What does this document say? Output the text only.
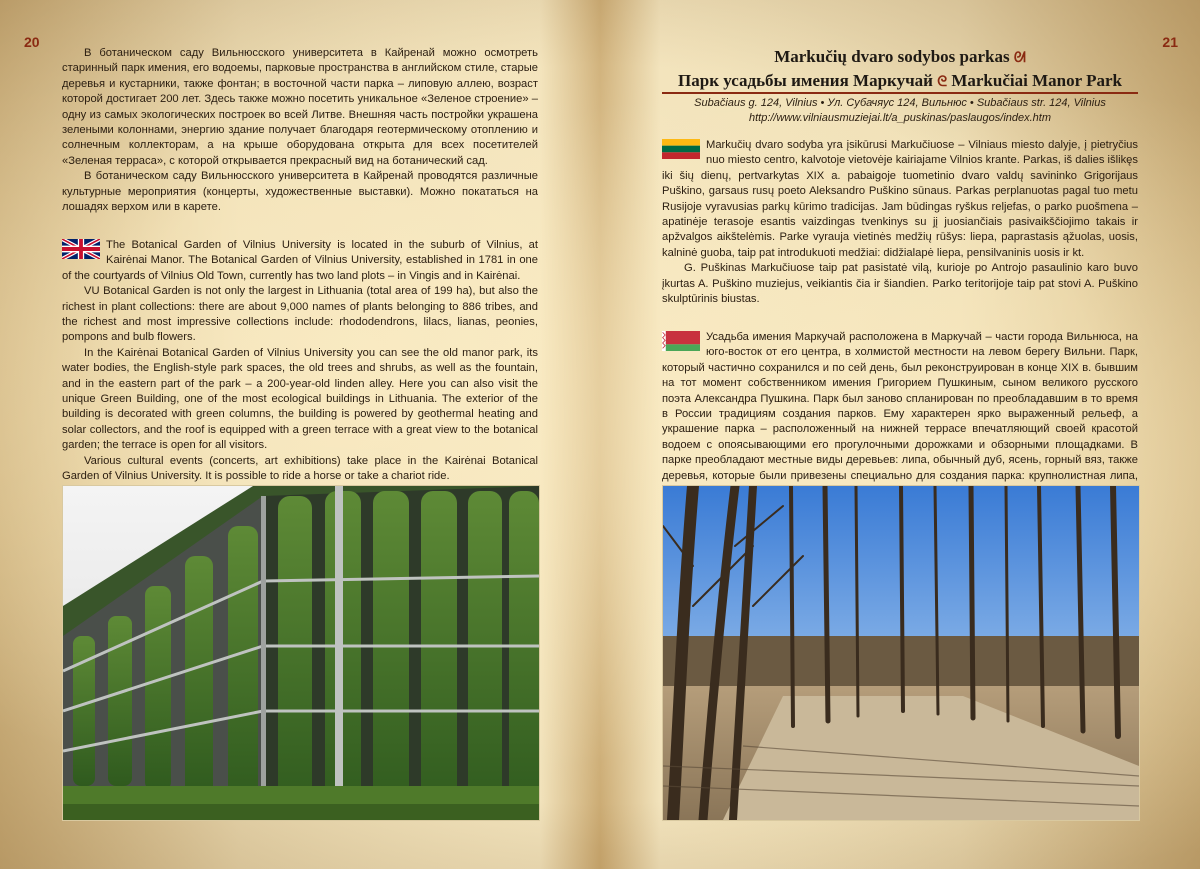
20	21

В ботаническом саду Вильнюсского университета в Кайренай можно осмотреть старинный парк имения, его водоемы, парковые пространства в английском стиле, старые деревья и кустарники, также фонтан; в восточной части парка – липовую аллею, возраст которой достигает 200 лет. Здесь также можно посетить уникальное «Зеленое строение» – одну из самых экологических построек во всей Литве. Внешняя часть постройки украшена зелеными колоннами, энергию здание получает благодаря геотермическому отоплению и солнечным коллекторам, а на крыше оборудована открыта для всех посетителей «Зеленая терраса», с которой открывается прекрасный вид на ботанический сад.

В ботаническом саду Вильнюсского университета в Кайренай проводятся различные культурные мероприятия (концерты, художественные выставки). Можно покататься на лошадях верхом или в карете.

The Botanical Garden of Vilnius University is located in the suburb of Vilnius, at Kairėnai Manor. The Botanical Garden of Vilnius University, established in 1781 in one of the courtyards of Vilnius Old Town, currently has two land plots – in Vingis and in Kairėnai.

VU Botanical Garden is not only the largest in Lithuania (total area of 199 ha), but also the richest in plant collections: there are about 9,000 names of plants belonging to 886 tribes, and the richest and most impressive collections include: rhododendrons, lilacs, lianas, peonies, pompons and bulb flowers.

In the Kairėnai Botanical Garden of Vilnius University you can see the old manor park, its water bodies, the English-style park spaces, the old trees and shrubs, as well as the fountain, and in the eastern part of the park – a 200-year-old linden alley. Here you can also visit the unique Green Building, one of the most ecological buildings in Lithuania. The exterior of the building is decorated with green columns, the building is powered by geothermal heating and solar collectors, and the roof is equipped with a green terrace with a great view to the botanical garden; the terrace is open for all visitors.

Various cultural events (concerts, art exhibitions) take place in the Kairėnai Botanical Garden of Vilnius University. It is possible to ride a horse or take a chariot ride.

Markučių dvaro sodybos parkas ᘛ
Парк усадьбы имения Маркучай ᘓ Markučiai Manor Park
Subačiaus g. 124, Vilnius • Ул. Субачяус 124, Вильнюс • Subačiaus str. 124, Vilnius
http://www.vilniausmuziejai.lt/a_puskinas/paslaugos/index.htm

Markučių dvaro sodyba yra įsikūrusi Markučiuose – Vilniaus miesto dalyje, į pietryčius nuo miesto centro, kalvotoje vietovėje kairiajame Vilnios krante. Parkas, iš dalies išlikęs iki šių dienų, pertvarkytas XIX a. pabaigoje tuometinio dvaro valdų savininko Grigorijaus Puškino, garsaus rusų poeto Aleksandro Puškino sūnaus. Parkas perplanuotas pagal tuo metu Rusijoje vyravusias parkų kūrimo tradicijas. Jam būdingas ryškus reljefas, o parko puošmena – apatinėje terasoje esantis vaizdingas tvenkinys su jį juosiančiais pasivaikščiojimo takais ir apžvalgos aikštelėmis. Parke vyrauja vietinės medžių rūšys: liepa, paprastasis ąžuolas, uosis, kalninė guoba, taip pat introdukuoti medžiai: didžialapė liepa, pensilvaninis uosis ir kt.

G. Puškinas Markučiuose taip pat pasistatė vilą, kurioje po Antrojo pasaulinio karo buvo įkurtas A. Puškino muziejus, veikiantis čia ir šiandien. Parko teritorijoje taip pat stovi A. Puškino skulptūrinis biustas.

Усадьба имения Маркучай расположена в Маркучай – части города Вильнюса, на юго-восток от его центра, в холмистой местности на левом берегу Вильни. Парк, который частично сохранился и по сей день, был реконструирован в конце XIX в. бывшим на тот момент собственником имения Григорием Пушкиным, сыном великого русского поэта Александра Пушкина. Парк был заново спланирован по преобладавшим в то время в России традициям создания парков. Ему характерен ярко выраженный рельеф, а украшение парка – расположенный на нижней террасе впечатляющий своей красотой водоем с опоясывающими его прогулочными дорожками и обзорными площадками. В парке преобладают местные виды деревьев: липа, обычный дуб, ясень, горный вяз, также деревья, которые были привезены специально для создания парка: крупнолистная липа,
